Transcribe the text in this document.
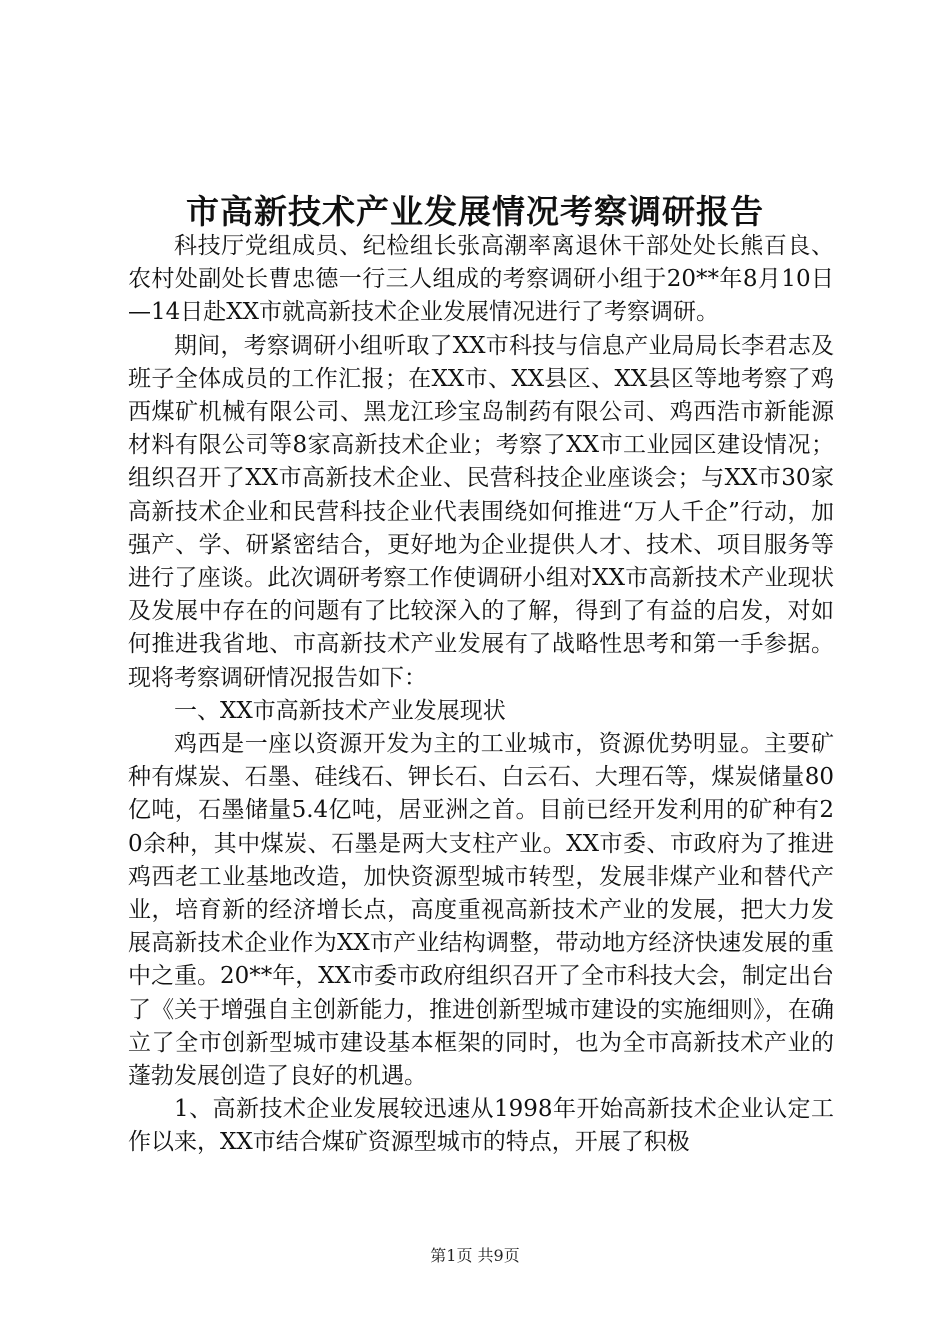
市高新技术产业发展情况考察调研报告

科技厅党组成员、纪检组长张高潮率离退休干部处处长熊百良、农村处副处长曹忠德一行三人组成的考察调研小组于20**年8月10日—14日赴XX市就高新技术企业发展情况进行了考察调研。

期间，考察调研小组听取了XX市科技与信息产业局局长李君志及班子全体成员的工作汇报；在XX市、XX县区、XX县区等地考察了鸡西煤矿机械有限公司、黑龙江珍宝岛制药有限公司、鸡西浩市新能源材料有限公司等8家高新技术企业；考察了XX市工业园区建设情况；组织召开了XX市高新技术企业、民营科技企业座谈会；与XX市30家高新技术企业和民营科技企业代表围绕如何推进“万人千企”行动，加强产、学、研紧密结合，更好地为企业提供人才、技术、项目服务等进行了座谈。此次调研考察工作使调研小组对XX市高新技术产业现状及发展中存在的问题有了比较深入的了解，得到了有益的启发，对如何推进我省地、市高新技术产业发展有了战略性思考和第一手参据。现将考察调研情况报告如下：

一、XX市高新技术产业发展现状

鸡西是一座以资源开发为主的工业城市，资源优势明显。主要矿种有煤炭、石墨、硅线石、钾长石、白云石、大理石等，煤炭储量80亿吨，石墨储量5.4亿吨，居亚洲之首。目前已经开发利用的矿种有20余种，其中煤炭、石墨是两大支柱产业。XX市委、市政府为了推进鸡西老工业基地改造，加快资源型城市转型，发展非煤产业和替代产业，培育新的经济增长点，高度重视高新技术产业的发展，把大力发展高新技术企业作为XX市产业结构调整，带动地方经济快速发展的重中之重。20**年，XX市委市政府组织召开了全市科技大会，制定出台了《关于增强自主创新能力，推进创新型城市建设的实施细则》，在确立了全市创新型城市建设基本框架的同时，也为全市高新技术产业的蓬勃发展创造了良好的机遇。

1、高新技术企业发展较迅速从1998年开始高新技术企业认定工作以来，XX市结合煤矿资源型城市的特点，开展了积极

第1页 共9页
